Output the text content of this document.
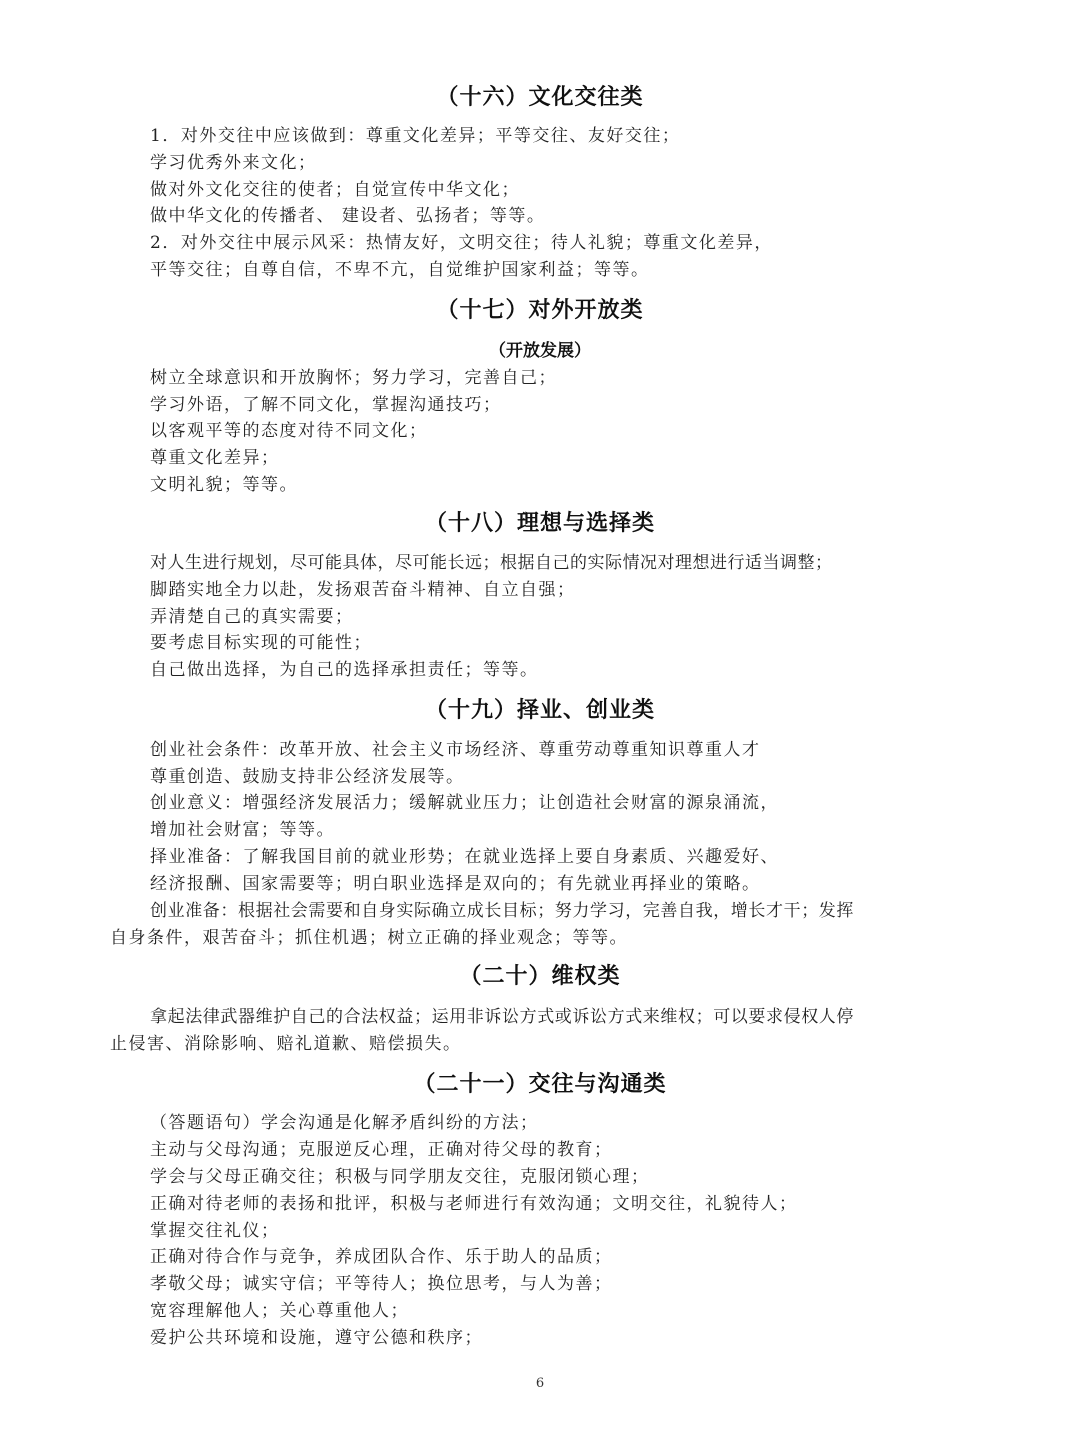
（十六）文化交往类
1．对外交往中应该做到：尊重文化差异；平等交往、友好交往；
学习优秀外来文化；
做对外文化交往的使者；自觉宣传中华文化；
做中华文化的传播者、 建设者、弘扬者；等等。
2．对外交往中展示风采：热情友好，文明交往；待人礼貌；尊重文化差异，
平等交往；自尊自信，不卑不亢，自觉维护国家利益；等等。
（十七）对外开放类
（开放发展）
树立全球意识和开放胸怀；努力学习，完善自己；
学习外语，了解不同文化，掌握沟通技巧；
以客观平等的态度对待不同文化；
尊重文化差异；
文明礼貌；等等。
（十八）理想与选择类
对人生进行规划，尽可能具体，尽可能长远；根据自己的实际情况对理想进行适当调整；
脚踏实地全力以赴，发扬艰苦奋斗精神、自立自强；
弄清楚自己的真实需要；
要考虑目标实现的可能性；
自己做出选择，为自己的选择承担责任；等等。
（十九）择业、创业类
创业社会条件：改革开放、社会主义市场经济、尊重劳动尊重知识尊重人才
尊重创造、鼓励支持非公经济发展等。
创业意义：增强经济发展活力；缓解就业压力；让创造社会财富的源泉涌流，
增加社会财富；等等。
择业准备：了解我国目前的就业形势；在就业选择上要自身素质、兴趣爱好、
经济报酬、国家需要等；明白职业选择是双向的；有先就业再择业的策略。
创业准备：根据社会需要和自身实际确立成长目标；努力学习，完善自我，增长才干；发挥
自身条件，艰苦奋斗；抓住机遇；树立正确的择业观念；等等。
（二十）维权类
拿起法律武器维护自己的合法权益；运用非诉讼方式或诉讼方式来维权；可以要求侵权人停
止侵害、消除影响、赔礼道歉、赔偿损失。
（二十一）交往与沟通类
（答题语句）学会沟通是化解矛盾纠纷的方法；
主动与父母沟通；克服逆反心理，正确对待父母的教育；
学会与父母正确交往；积极与同学朋友交往，克服闭锁心理；
正确对待老师的表扬和批评，积极与老师进行有效沟通；文明交往，礼貌待人；
掌握交往礼仪；
正确对待合作与竞争，养成团队合作、乐于助人的品质；
孝敬父母；诚实守信；平等待人；换位思考，与人为善；
宽容理解他人；关心尊重他人；
爱护公共环境和设施，遵守公德和秩序；
6
